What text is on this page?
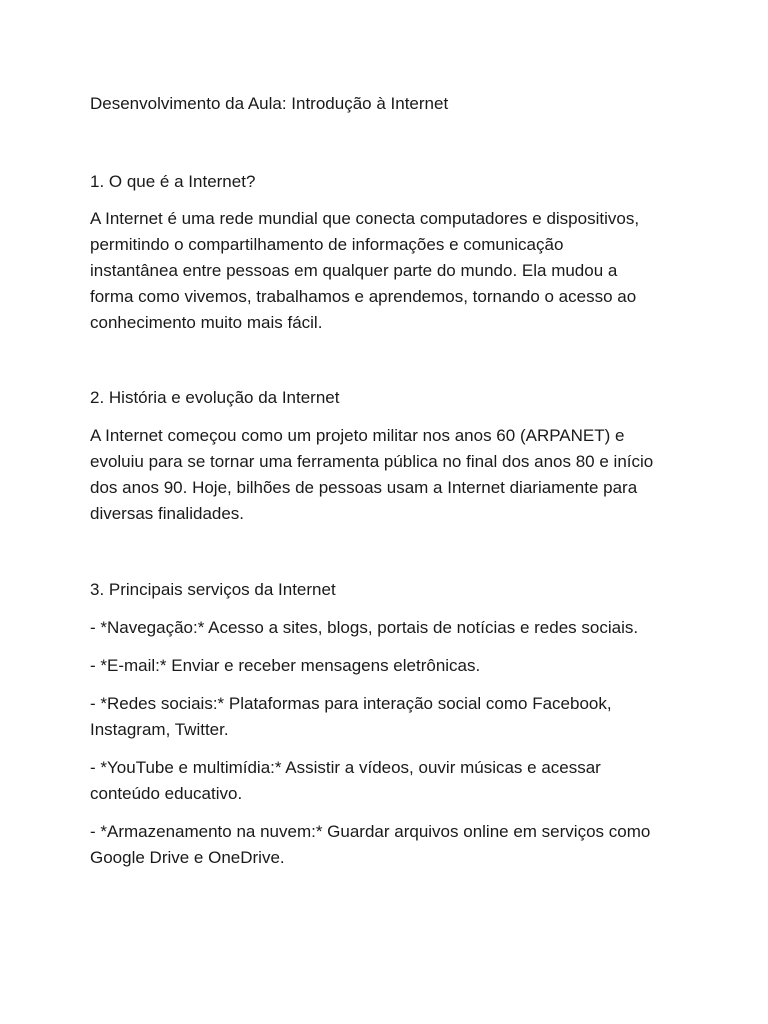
Desenvolvimento da Aula: Introdução à Internet

1. O que é a Internet?

A Internet é uma rede mundial que conecta computadores e dispositivos,
permitindo o compartilhamento de informações e comunicação
instantânea entre pessoas em qualquer parte do mundo. Ela mudou a
forma como vivemos, trabalhamos e aprendemos, tornando o acesso ao
conhecimento muito mais fácil.

2. História e evolução da Internet

A Internet começou como um projeto militar nos anos 60 (ARPANET) e
evoluiu para se tornar uma ferramenta pública no final dos anos 80 e início
dos anos 90. Hoje, bilhões de pessoas usam a Internet diariamente para
diversas finalidades.

3. Principais serviços da Internet

- *Navegação:* Acesso a sites, blogs, portais de notícias e redes sociais.
- *E-mail:* Enviar e receber mensagens eletrônicas.
- *Redes sociais:* Plataformas para interação social como Facebook,
Instagram, Twitter.
- *YouTube e multimídia:* Assistir a vídeos, ouvir músicas e acessar
conteúdo educativo.
- *Armazenamento na nuvem:* Guardar arquivos online em serviços como
Google Drive e OneDrive.
